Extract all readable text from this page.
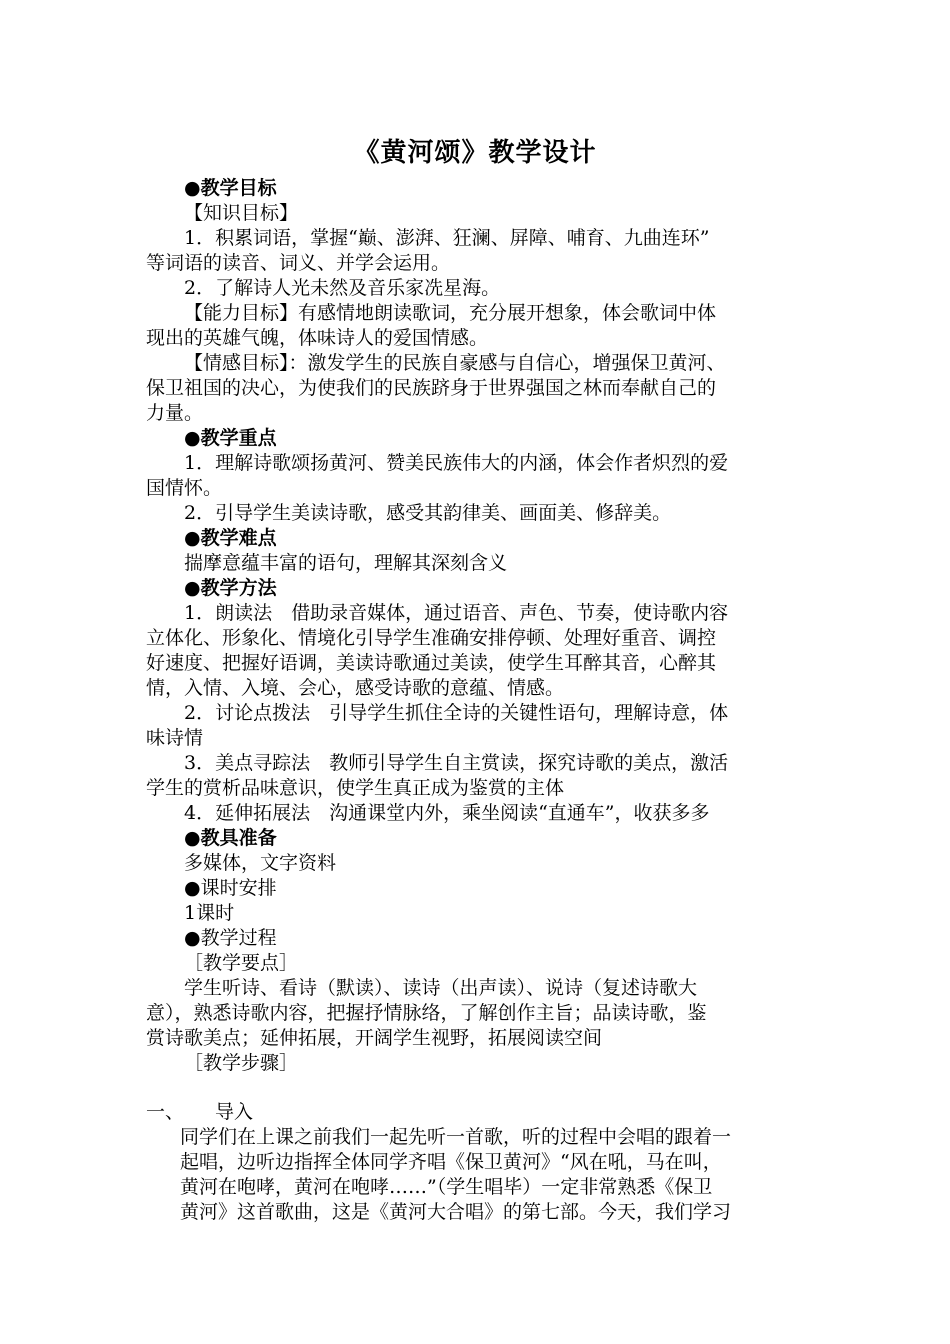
《黄河颂》教学设计
●教学目标
【知识目标】
1．积累词语，掌握“巅、澎湃、狂澜、屏障、哺育、九曲连环”
等词语的读音、词义、并学会运用。
2．了解诗人光未然及音乐家冼星海。
【能力目标】有感情地朗读歌词，充分展开想象，体会歌词中体
现出的英雄气魄，体味诗人的爱国情感。
【情感目标】：激发学生的民族自豪感与自信心，增强保卫黄河、
保卫祖国的决心，为使我们的民族跻身于世界强国之林而奉献自己的
力量。
●教学重点
1．理解诗歌颂扬黄河、赞美民族伟大的内涵，体会作者炽烈的爱
国情怀。
2．引导学生美读诗歌，感受其韵律美、画面美、修辞美。
●教学难点
揣摩意蕴丰富的语句，理解其深刻含义
●教学方法
1．朗读法　借助录音媒体，通过语音、声色、节奏，使诗歌内容
立体化、形象化、情境化引导学生准确安排停顿、处理好重音、调控
好速度、把握好语调，美读诗歌通过美读，使学生耳醉其音，心醉其
情，入情、入境、会心，感受诗歌的意蕴、情感。
2．讨论点拨法　引导学生抓住全诗的关键性语句，理解诗意，体
味诗情
3．美点寻踪法　教师引导学生自主赏读，探究诗歌的美点，激活
学生的赏析品味意识，使学生真正成为鉴赏的主体
4．延伸拓展法　沟通课堂内外，乘坐阅读“直通车”，收获多多
●教具准备
多媒体，文字资料
●课时安排
1课时
●教学过程
［教学要点］
学生听诗、看诗（默读）、读诗（出声读）、说诗（复述诗歌大
意），熟悉诗歌内容，把握抒情脉络，了解创作主旨；品读诗歌，鉴
赏诗歌美点；延伸拓展，开阔学生视野，拓展阅读空间
［教学步骤］
一、 导入
同学们在上课之前我们一起先听一首歌，听的过程中会唱的跟着一
起唱，边听边指挥全体同学齐唱《保卫黄河》“风在吼，马在叫，
黄河在咆哮，黄河在咆哮……”（学生唱毕）一定非常熟悉《保卫
黄河》这首歌曲，这是《黄河大合唱》的第七部。今天，我们学习
